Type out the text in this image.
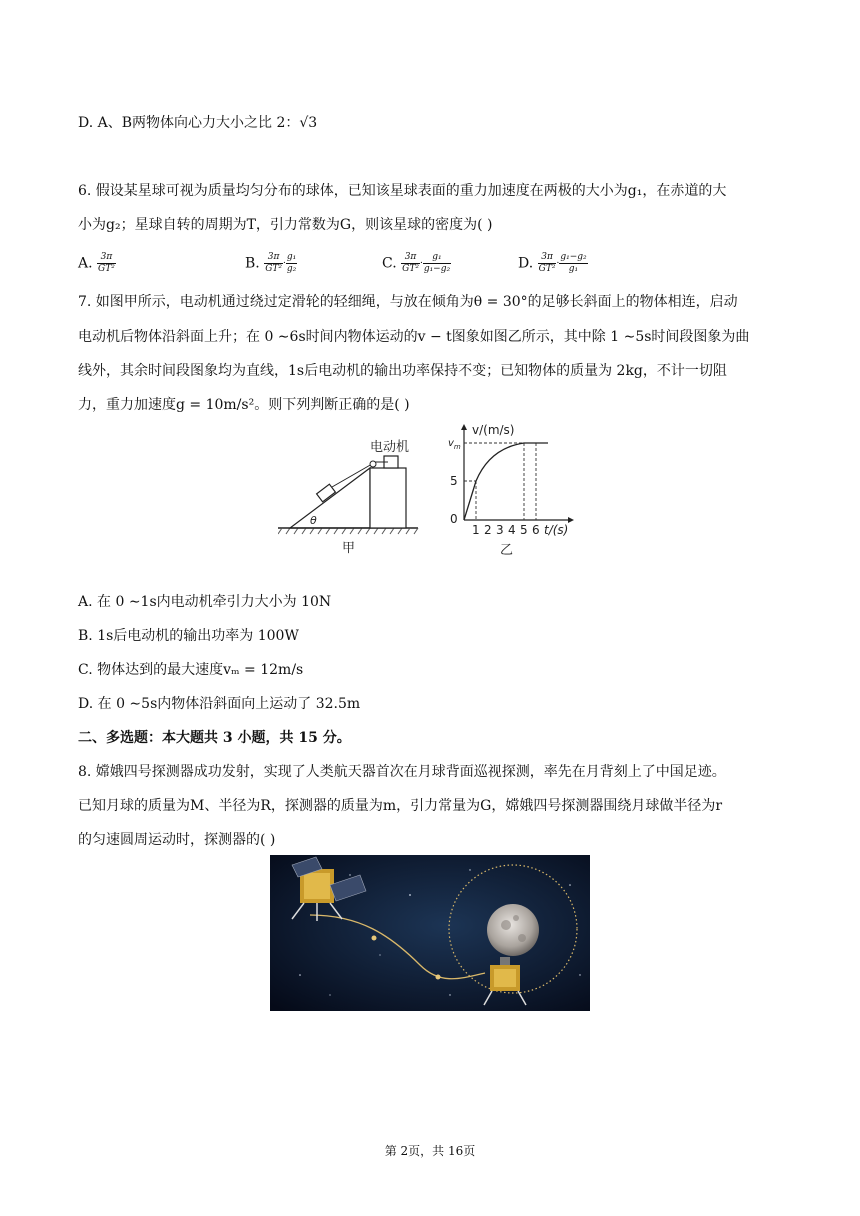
D. A、B两物体向心力大小之比 2：√3
6. 假设某星球可视为质量均匀分布的球体，已知该星球表面的重力加速度在两极的大小为g₁，在赤道的大
小为g₂；星球自转的周期为T，引力常数为G，则该星球的密度为( )
A. $\frac{3\pi}{\text{GT²}}$	B. $\frac{3\pi}{\text{GT²}} \cdot \frac{\text{g₁}}{\text{g₂}}$	C. $\frac{3\pi}{\text{GT²}} \cdot \frac{\text{g₁}}{\text{g₁−g₂}}$	D. $\frac{3\pi}{\text{GT²}} \cdot \frac{\text{g₁−g₂}}{\text{g₁}}$
7. 如图甲所示，电动机通过绕过定滑轮的轻细绳，与放在倾角为θ = 30°的足够长斜面上的物体相连，启动
电动机后物体沿斜面上升；在 0 ∼6s时间内物体运动的v − t图象如图乙所示，其中除 1 ∼5s时间段图象为曲
线外，其余时间段图象均为直线，1s后电动机的输出功率保持不变；已知物体的质量为 2kg，不计一切阻
力，重力加速度g = 10m/s²。则下列判断正确的是( )
电动机
θ
甲
v/(m/s)
$v_m$
5
0
1 2 3 4 5 6 t/(s)
乙
A. 在 0 ∼1s内电动机牵引力大小为 10N
B. 1s后电动机的输出功率为 100W
C. 物体达到的最大速度vₘ = 12m/s
D. 在 0 ∼5s内物体沿斜面向上运动了 32.5m
二、多选题：本大题共 3 小题，共 15 分。
8. 嫦娥四号探测器成功发射，实现了人类航天器首次在月球背面巡视探测，率先在月背刻上了中国足迹。
已知月球的质量为M、半径为R，探测器的质量为m，引力常量为G，嫦娥四号探测器围绕月球做半径为r
的匀速圆周运动时，探测器的( )
第 2页，共 16页
